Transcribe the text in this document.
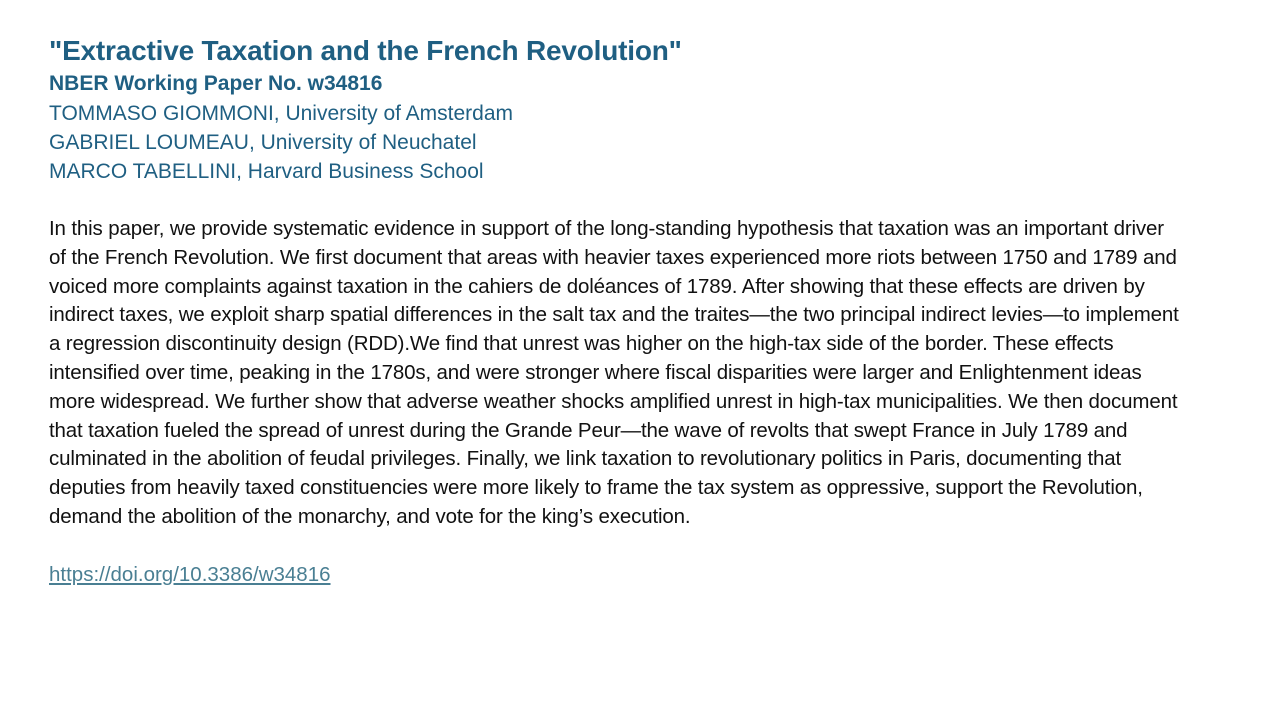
"Extractive Taxation and the French Revolution"
NBER Working Paper No. w34816
TOMMASO GIOMMONI, University of Amsterdam
GABRIEL LOUMEAU, University of Neuchatel
MARCO TABELLINI, Harvard Business School

In this paper, we provide systematic evidence in support of the long-standing hypothesis that taxation was an important driver of the French Revolution. We first document that areas with heavier taxes experienced more riots between 1750 and 1789 and voiced more complaints against taxation in the cahiers de doléances of 1789. After showing that these effects are driven by indirect taxes, we exploit sharp spatial differences in the salt tax and the traites—the two principal indirect levies—to implement a regression discontinuity design (RDD).We find that unrest was higher on the high-tax side of the border. These effects intensified over time, peaking in the 1780s, and were stronger where fiscal disparities were larger and Enlightenment ideas more widespread. We further show that adverse weather shocks amplified unrest in high-tax municipalities. We then document that taxation fueled the spread of unrest during the Grande Peur—the wave of revolts that swept France in July 1789 and culminated in the abolition of feudal privileges. Finally, we link taxation to revolutionary politics in Paris, documenting that deputies from heavily taxed constituencies were more likely to frame the tax system as oppressive, support the Revolution, demand the abolition of the monarchy, and vote for the king’s execution.

https://doi.org/10.3386/w34816
